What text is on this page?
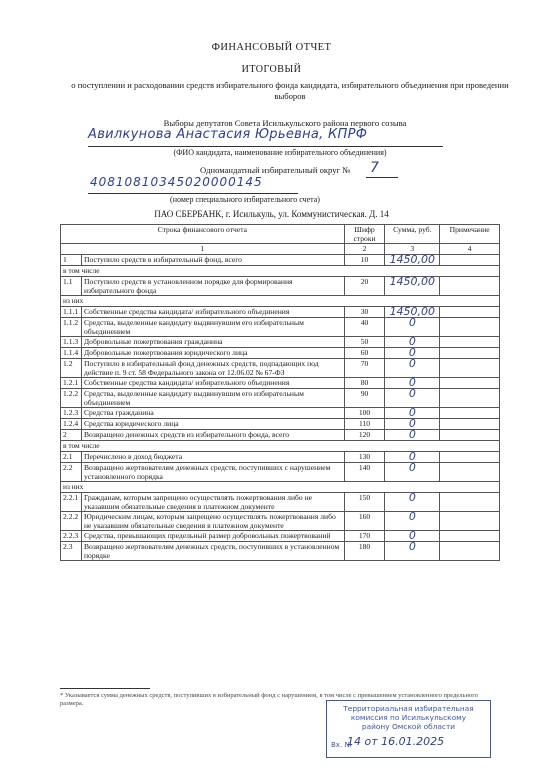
ФИНАНСОВЫЙ ОТЧЕТ
ИТОГОВЫЙ
о поступлении и расходовании средств избирательного фонда кандидата, избирательного объединения при проведении выборов
Выборы депутатов Совета Исилькульского района первого созыва
Авилкунова Анастасия Юрьевна, КПРФ
(ФИО кандидата, наименование избирательного объединения)
Одномандатный избирательный округ № 7
40810810345020000145
(номер специального избирательного счета)
ПАО СБЕРБАНК, г. Исилькуль, ул. Коммунистическая. Д. 14
Строка финансового отчета		Шифр строки	Сумма, руб.	Примечание
1		2	3	4
1	Поступило средств в избирательный фонд, всего	10	1450,00	

в том числе				
1.1	Поступило средств в установленном порядке для формирования избирательного фонда	20	1450,00	

из них				
1.1.1	Собственные средства кандидата/ избирательного объединения	30	1450,00	

1.1.2	Средства, выделенные кандидату выдвинувшим его избирательным объединением	40	0	

1.1.3	Добровольные пожертвования гражданина	50	0	

1.1.4	Добровольные пожертвования юридического лица	60	0	

1.2	Поступило в избирательный фонд денежных средств, подпадающих под действие п. 9 ст. 58 Федерального закона от 12.06.02 № 67-ФЗ	70	0	

1.2.1	Собственные средства кандидата/ избирательного объединения	80	0	

1.2.2	Средства, выделенные кандидату выдвинувшим его избирательным объединением	90	0	

1.2.3	Средства гражданина	100	0	

1.2.4	Средства юридического лица	110	0	

2	Возвращено денежных средств из избирательного фонда, всего	120	0	

в том числе				
2.1	Перечислено в доход бюджета	130	0	

2.2	Возвращено жертвователям денежных средств, поступивших с нарушением установленного порядка	140	0	

из них				
2.2.1	Гражданам, которым запрещено осуществлять пожертвования либо не указавшим обязательные сведения в платежном документе	150	0	

2.2.2	Юридическим лицам, которым запрещено осуществлять пожертвования либо не указавшим обязательные сведения в платежном документе	160	0	

2.2.3	Средства, превышающих предельный размер добровольных пожертвований	170	0	

2.3	Возвращено жертвователям денежных средств, поступивших в установленном порядке	180	0	

* Указывается сумма денежных средств, поступивших в избирательный фонд с нарушением, в том числе с превышением установленного предельного размера.
Территориальная избирательная
комиссия по Исилькульскому
району Омской области
Вх. №
14 от 16.01.2025
